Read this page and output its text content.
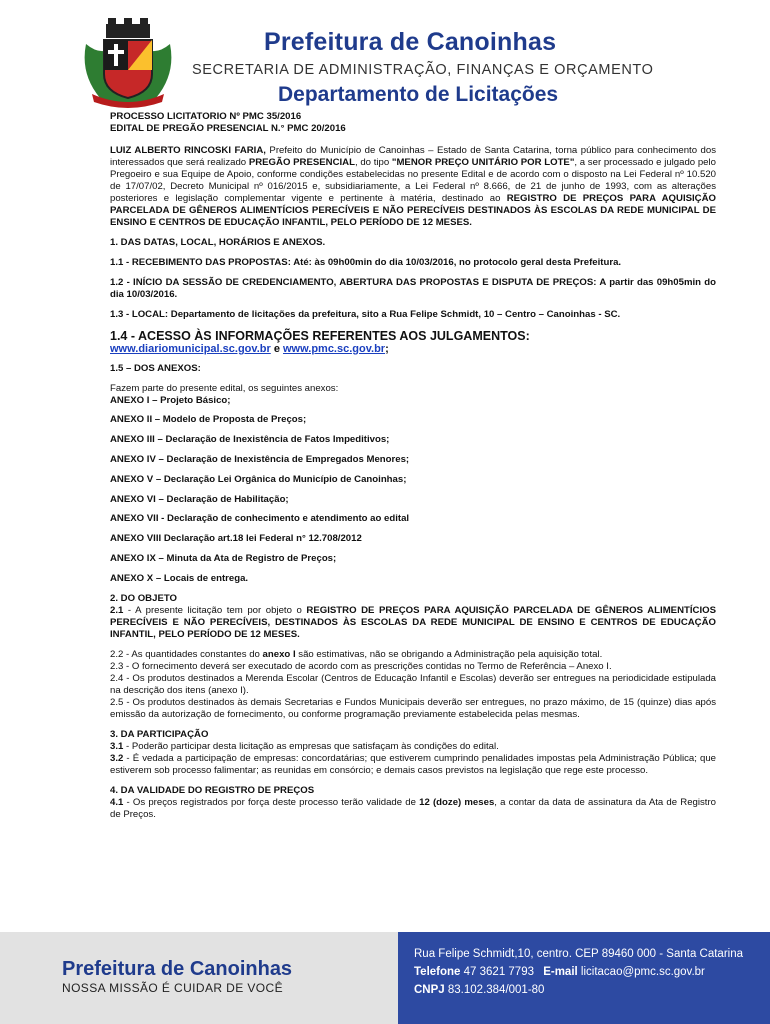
Prefeitura de Canoinhas
SECRETARIA DE ADMINISTRAÇÃO, FINANÇAS E ORÇAMENTO
Departamento de Licitações

PROCESSO LICITATORIO Nº PMC 35/2016
EDITAL DE PREGÃO PRESENCIAL N.° PMC 20/2016

LUIZ ALBERTO RINCOSKI FARIA, Prefeito do Município de Canoinhas – Estado de Santa Catarina, torna público para conhecimento dos interessados que será realizado PREGÃO PRESENCIAL, do tipo "MENOR PREÇO UNITÁRIO POR LOTE", a ser processado e julgado pelo Pregoeiro e sua Equipe de Apoio, conforme condições estabelecidas no presente Edital e de acordo com o disposto na Lei Federal nº 10.520 de 17/07/02, Decreto Municipal nº 016/2015 e, subsidiariamente, a Lei Federal nº 8.666, de 21 de junho de 1993, com as alterações posteriores e legislação complementar vigente e pertinente à matéria, destinado ao REGISTRO DE PREÇOS PARA AQUISIÇÃO PARCELADA DE GÊNEROS ALIMENTÍCIOS PERECÍVEIS E NÃO PERECÍVEIS DESTINADOS ÀS ESCOLAS DA REDE MUNICIPAL DE ENSINO E CENTROS DE EDUCAÇÃO INFANTIL, PELO PERÍODO DE 12 MESES.

1. DAS DATAS, LOCAL, HORÁRIOS E ANEXOS.

1.1 - RECEBIMENTO DAS PROPOSTAS: Até: às 09h00min do dia 10/03/2016, no protocolo geral desta Prefeitura.

1.2 - INÍCIO DA SESSÃO DE CREDENCIAMENTO, ABERTURA DAS PROPOSTAS E DISPUTA DE PREÇOS: A partir das 09h05min do dia 10/03/2016.

1.3 - LOCAL: Departamento de licitações da prefeitura, sito a Rua Felipe Schmidt, 10 – Centro – Canoinhas - SC.

1.4 - ACESSO ÀS INFORMAÇÕES REFERENTES AOS JULGAMENTOS:
www.diariomunicipal.sc.gov.br e www.pmc.sc.gov.br;

1.5 – DOS ANEXOS:

Fazem parte do presente edital, os seguintes anexos:

ANEXO I – Projeto Básico;

ANEXO II – Modelo de Proposta de Preços;

ANEXO III – Declaração de Inexistência de Fatos Impeditivos;

ANEXO IV – Declaração de Inexistência de Empregados Menores;

ANEXO V – Declaração Lei Orgânica do Município de Canoinhas;

ANEXO VI – Declaração de Habilitação;

ANEXO VII - Declaração de conhecimento e atendimento ao edital

ANEXO VIII Declaração art.18 lei Federal n° 12.708/2012

ANEXO IX – Minuta da Ata de Registro de Preços;

ANEXO X – Locais de entrega.

2. DO OBJETO

2.1 - A presente licitação tem por objeto o REGISTRO DE PREÇOS PARA AQUISIÇÃO PARCELADA DE GÊNEROS ALIMENTÍCIOS PERECÍVEIS E NÃO PERECÍVEIS, DESTINADOS ÀS ESCOLAS DA REDE MUNICIPAL DE ENSINO E CENTROS DE EDUCAÇÃO INFANTIL, PELO PERÍODO DE 12 MESES.

2.2 - As quantidades constantes do anexo I são estimativas, não se obrigando a Administração pela aquisição total.

2.3 - O fornecimento deverá ser executado de acordo com as prescrições contidas no Termo de Referência – Anexo I.

2.4 - Os produtos destinados a Merenda Escolar (Centros de Educação Infantil e Escolas) deverão ser entregues na periodicidade estipulada na descrição dos itens (anexo I).

2.5 - Os produtos destinados às demais Secretarias e Fundos Municipais deverão ser entregues, no prazo máximo, de 15 (quinze) dias após emissão da autorização de fornecimento, ou conforme programação previamente estabelecida pelas mesmas.

3. DA PARTICIPAÇÃO

3.1 - Poderão participar desta licitação as empresas que satisfaçam às condições do edital.

3.2 - É vedada a participação de empresas: concordatárias; que estiverem cumprindo penalidades impostas pela Administração Pública; que estiverem sob processo falimentar; as reunidas em consórcio; e demais casos previstos na legislação que rege este processo.

4. DA VALIDADE DO REGISTRO DE PREÇOS

4.1 - Os preços registrados por força deste processo terão validade de 12 (doze) meses, a contar da data de assinatura da Ata de Registro de Preços.

Prefeitura de Canoinhas
NOSSA MISSÃO É CUIDAR DE VOCÊ
Rua Felipe Schmidt,10, centro. CEP 89460 000 - Santa Catarina
Telefone 47 3621 7793 E-mail licitacao@pmc.sc.gov.br
CNPJ 83.102.384/001-80
